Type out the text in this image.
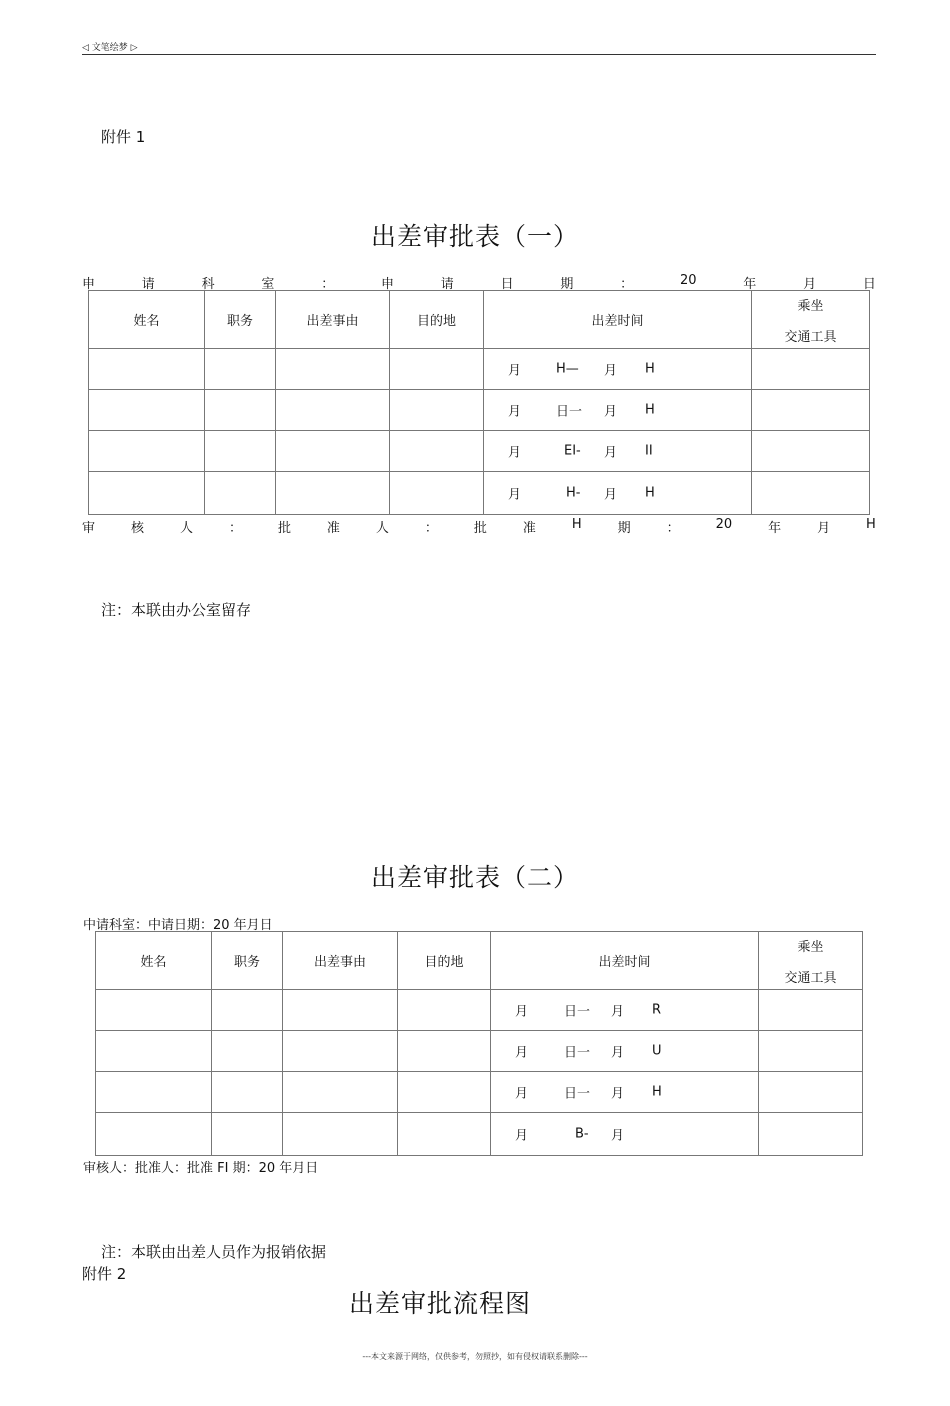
◁ 文笔绘梦 ▷
附件 1
出差审批表（一）
申	请	科	室	：	申	请	日	期	：	20	年	月	日
姓名	职务	出差事由	目的地	出差时间	乘坐
交通工具

				月 H— 月 H	

				月 日一 月 H	

				月 EI- 月 II	

				月 H- 月 H	

审	核	人	：	批	准	人	：	批	准	H	期	：	20	年	月	H
注：本联由办公室留存
出差审批表（二）
中请科室：中请日期：20 年月日
姓名	职务	出差事由	目的地	出差时间	乘坐
交通工具

				月 日一 月 R	

				月 日一 月 U	

				月 日一 月 H	

				月 B- 月	

审核人：批准人：批准 FI 期：20 年月日
注：本联由出差人员作为报销依据
附件 2
出差审批流程图
---本文来源于网络，仅供参考，勿照抄，如有侵权请联系删除---
